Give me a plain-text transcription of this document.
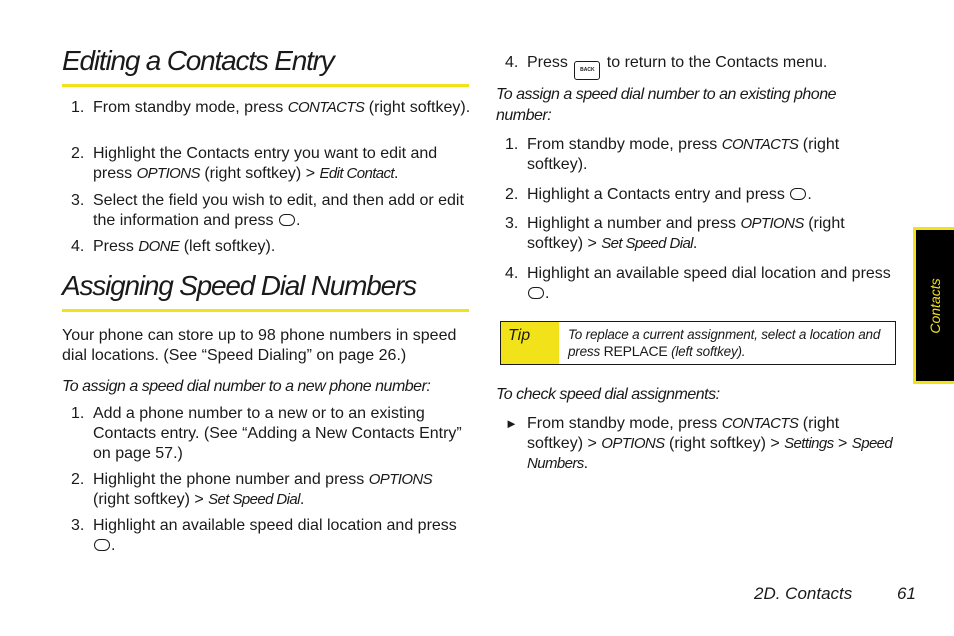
Editing a Contacts Entry
1. From standby mode, press CONTACTS (right softkey).
2. Highlight the Contacts entry you want to edit and press OPTIONS (right softkey) > Edit Contact.
3. Select the field you wish to edit, and then add or edit the information and press .
4. Press DONE (left softkey).
Assigning Speed Dial Numbers

Your phone can store up to 98 phone numbers in speed dial locations. (See “Speed Dialing” on page 26.)

To assign a speed dial number to a new phone number:

1. Add a phone number to a new or to an existing Contacts entry. (See “Adding a New Contacts Entry” on page 57.)
2. Highlight the phone number and press OPTIONS (right softkey) > Set Speed Dial.
3. Highlight an available speed dial location and press .
4. Press BACK to return to the Contacts menu.

To assign a speed dial number to an existing phone number:

1. From standby mode, press CONTACTS (right softkey).
2. Highlight a Contacts entry and press .
3. Highlight a number and press OPTIONS (right softkey) > Set Speed Dial.
4. Highlight an available speed dial location and press .
Tip	To replace a current assignment, select a location and press REPLACE (left softkey).

To check speed dial assignments:

► From standby mode, press CONTACTS (right softkey) > OPTIONS (right softkey) > Settings > Speed Numbers.
Contacts
2D. Contacts	61
